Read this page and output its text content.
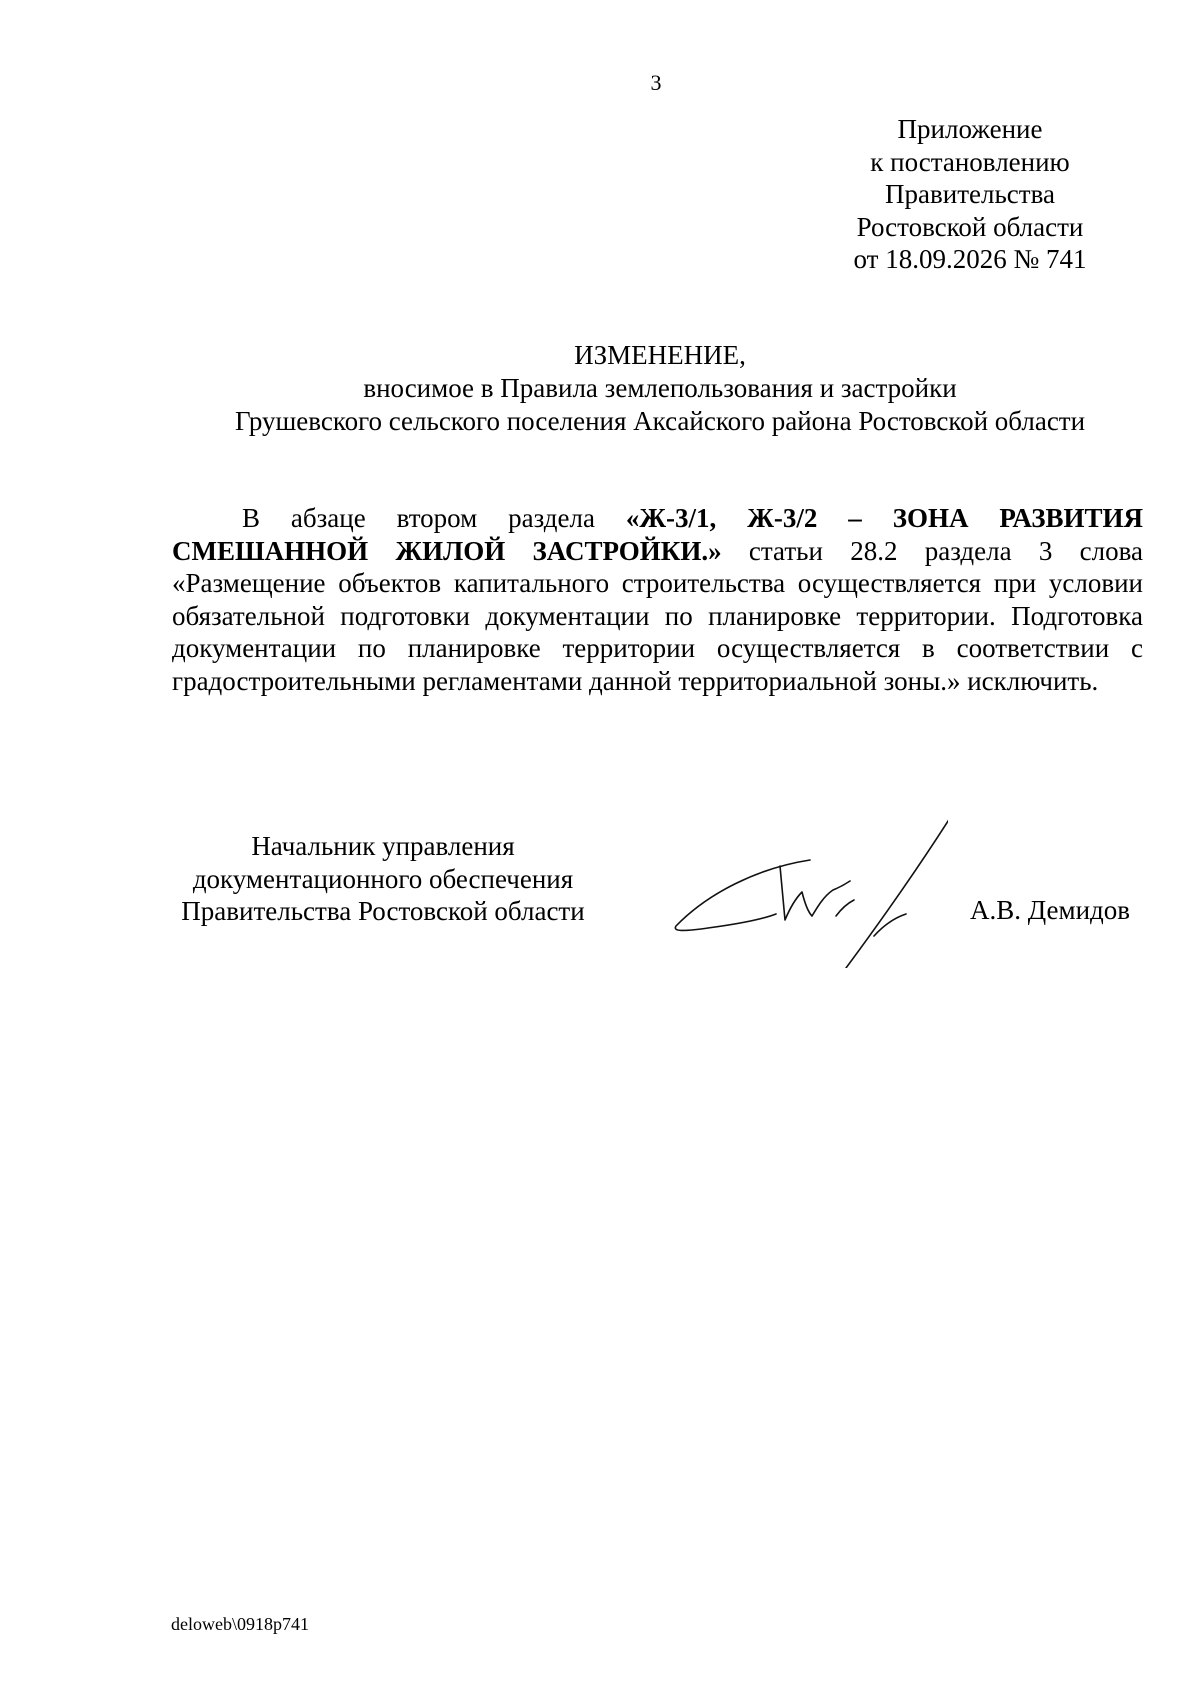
3
Приложение
к постановлению
Правительства
Ростовской области
от 18.09.2026 № 741
ИЗМЕНЕНИЕ,
вносимое в Правила землепользования и застройки
Грушевского сельского поселения Аксайского района Ростовской области

В абзаце втором раздела «Ж-3/1, Ж-3/2 – ЗОНА РАЗВИТИЯ СМЕШАННОЙ ЖИЛОЙ ЗАСТРОЙКИ.» статьи 28.2 раздела 3 слова «Размещение объектов капитального строительства осуществляется при условии обязательной подготовки документации по планировке территории. Подготовка документации по планировке территории осуществляется в соответствии с градостроительными регламентами данной территориальной зоны.» исключить.

Начальник управления
документационного обеспечения
Правительства Ростовской области	А.В. Демидов
deloweb\0918p741
